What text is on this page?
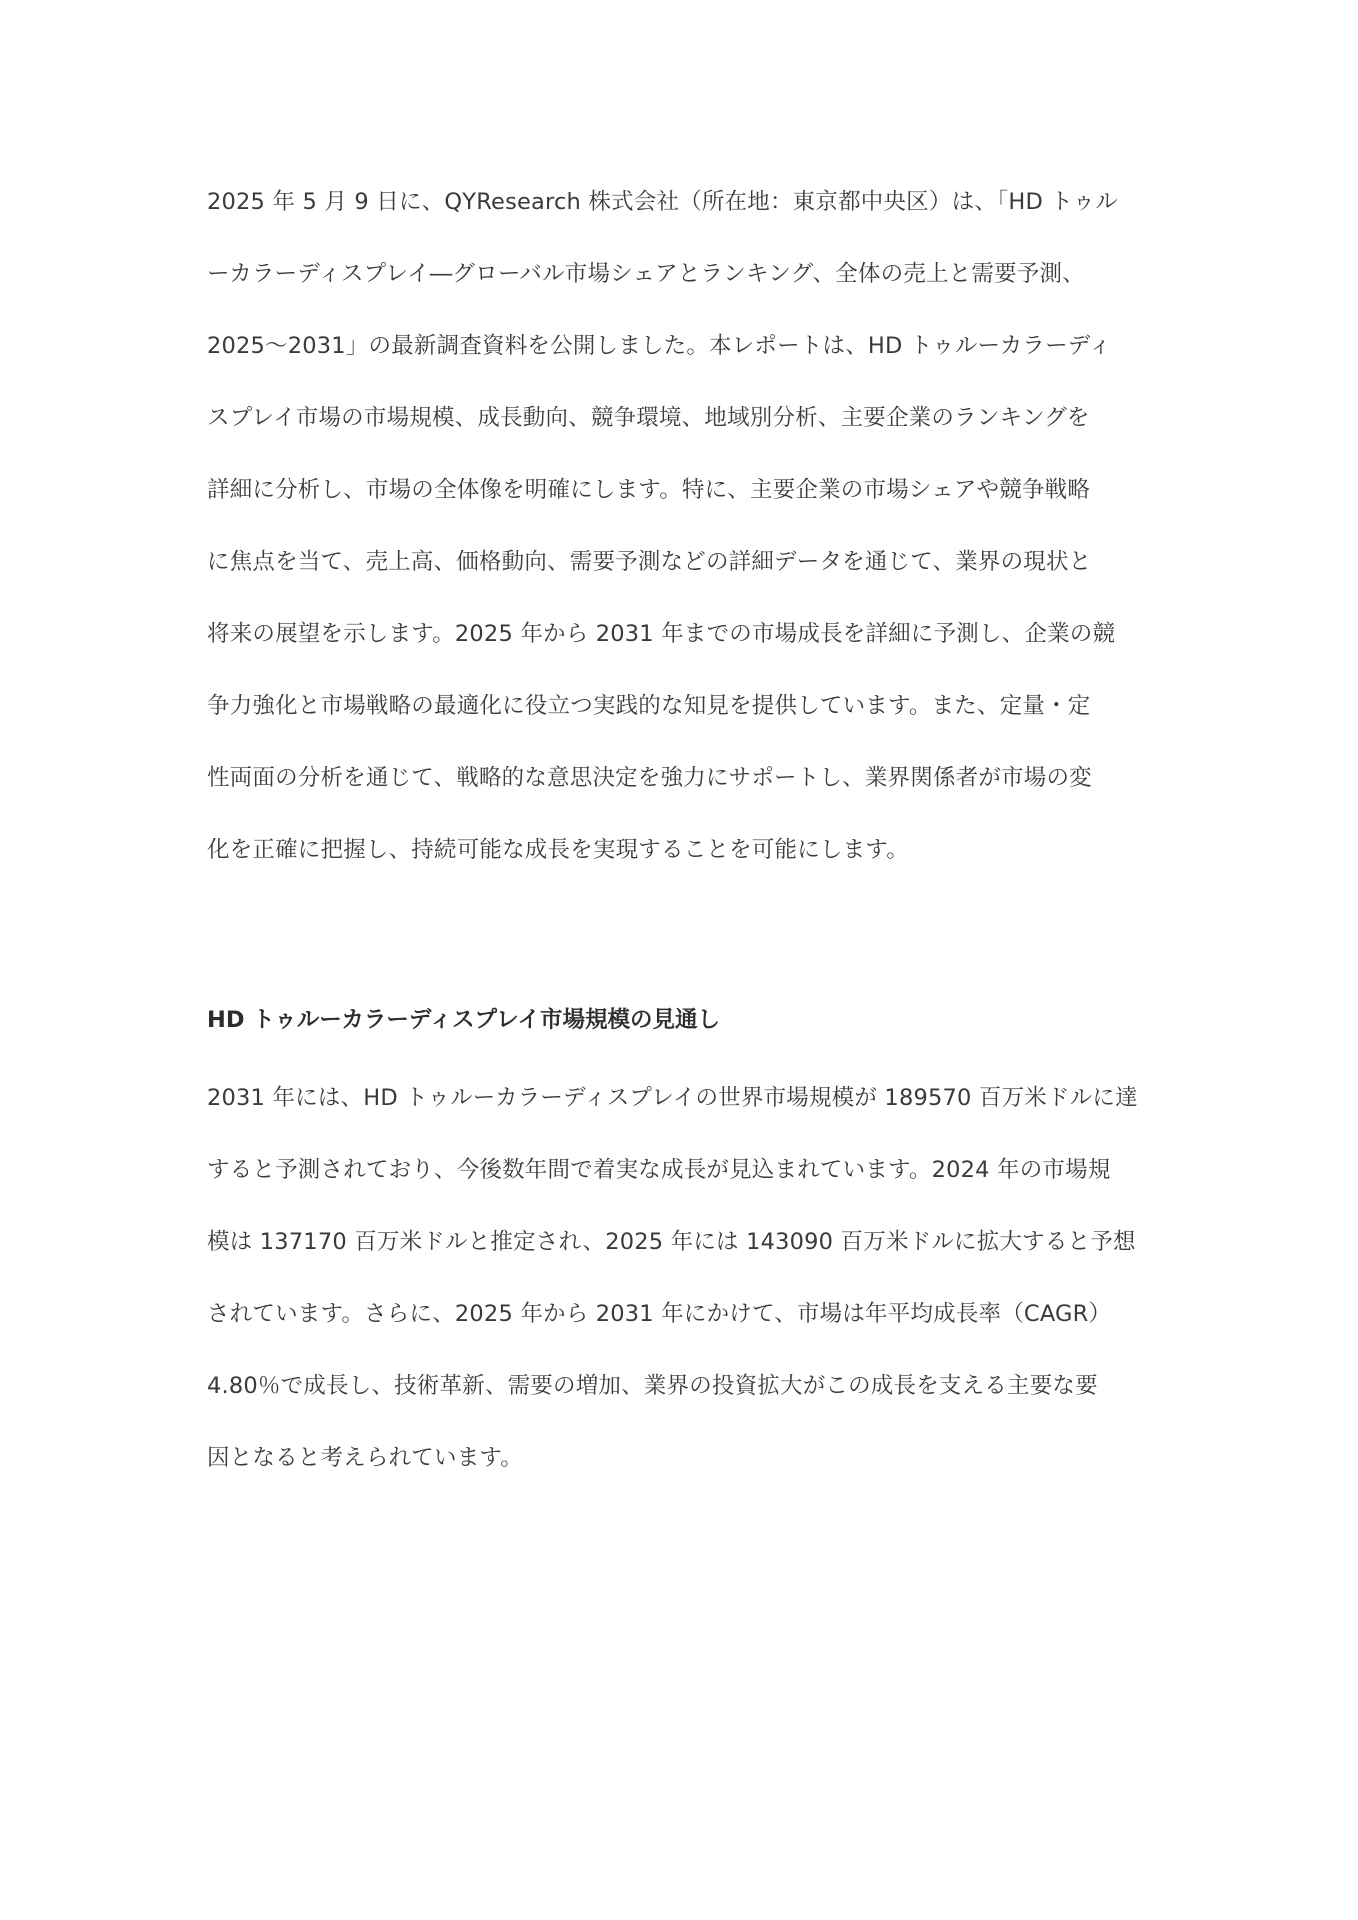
2025 年 5 月 9 日に、QYResearch 株式会社（所在地：東京都中央区）は、「HD トゥル
ーカラーディスプレイ―グローバル市場シェアとランキング、全体の売上と需要予測、
2025～2031」の最新調査資料を公開しました。本レポートは、HD トゥルーカラーディ
スプレイ市場の市場規模、成長動向、競争環境、地域別分析、主要企業のランキングを
詳細に分析し、市場の全体像を明確にします。特に、主要企業の市場シェアや競争戦略
に焦点を当て、売上高、価格動向、需要予測などの詳細データを通じて、業界の現状と
将来の展望を示します。2025 年から 2031 年までの市場成長を詳細に予測し、企業の競
争力強化と市場戦略の最適化に役立つ実践的な知見を提供しています。また、定量・定
性両面の分析を通じて、戦略的な意思決定を強力にサポートし、業界関係者が市場の変
化を正確に把握し、持続可能な成長を実現することを可能にします。

HD トゥルーカラーディスプレイ市場規模の見通し
2031 年には、HD トゥルーカラーディスプレイの世界市場規模が 189570 百万米ドルに達
すると予測されており、今後数年間で着実な成長が見込まれています。2024 年の市場規
模は 137170 百万米ドルと推定され、2025 年には 143090 百万米ドルに拡大すると予想
されています。さらに、2025 年から 2031 年にかけて、市場は年平均成長率（CAGR）
4.80％で成長し、技術革新、需要の増加、業界の投資拡大がこの成長を支える主要な要
因となると考えられています。
